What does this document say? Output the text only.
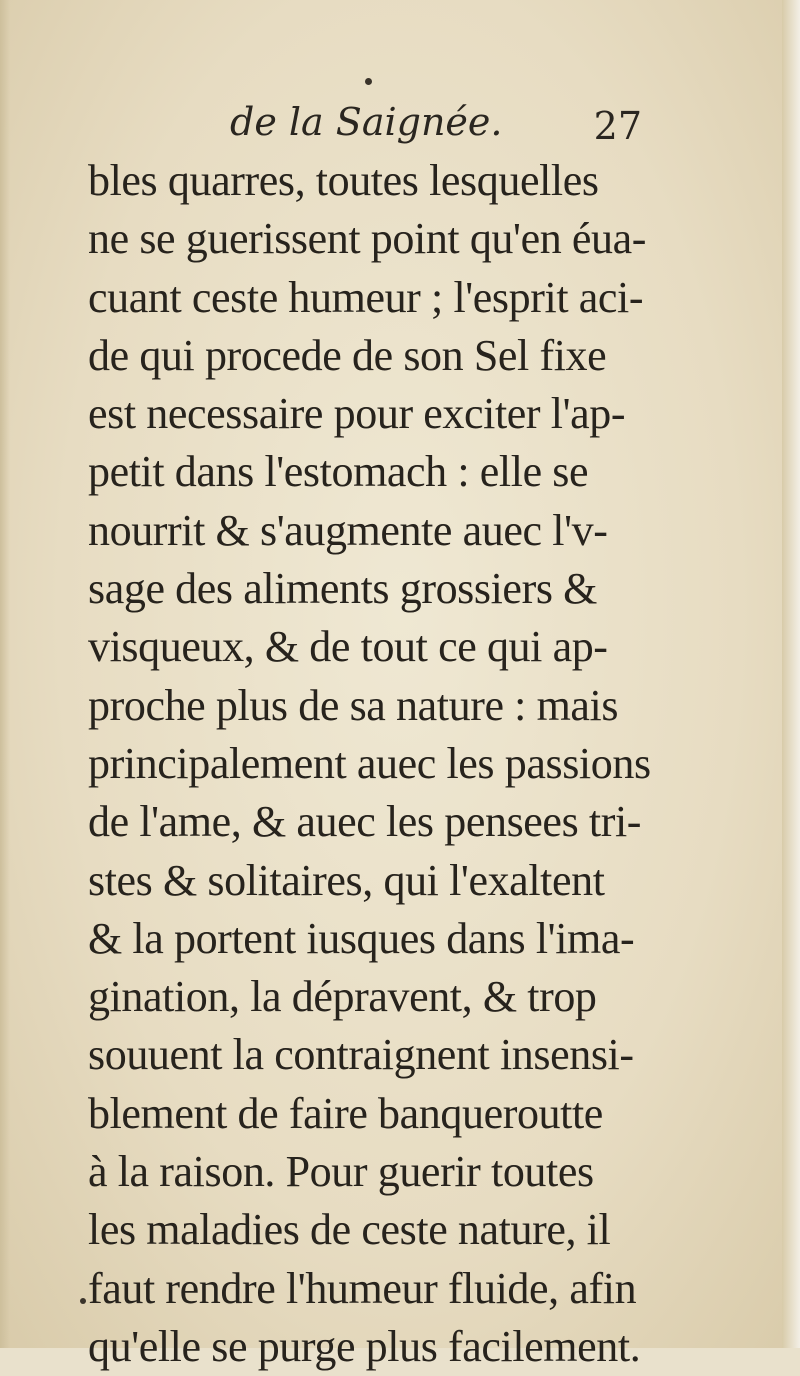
de la Saignée. 27
bles quarres, toutes lesquelles
ne se guerissent point qu'en éua-
cuant ceste humeur ; l'esprit aci-
de qui procede de son Sel fixe
est necessaire pour exciter l'ap-
petit dans l'estomach : elle se
nourrit & s'augmente auec l'v-
sage des aliments grossiers &
visqueux, & de tout ce qui ap-
proche plus de sa nature : mais
principalement auec les passions
de l'ame, & auec les pensees tri-
stes & solitaires, qui l'exaltent
& la portent iusques dans l'ima-
gination, la dépravent, & trop
souuent la contraignent insensi-
blement de faire banqueroutte
à la raison. Pour guerir toutes
les maladies de ceste nature, il
faut rendre l'humeur fluide, afin
qu'elle se purge plus facilement.
